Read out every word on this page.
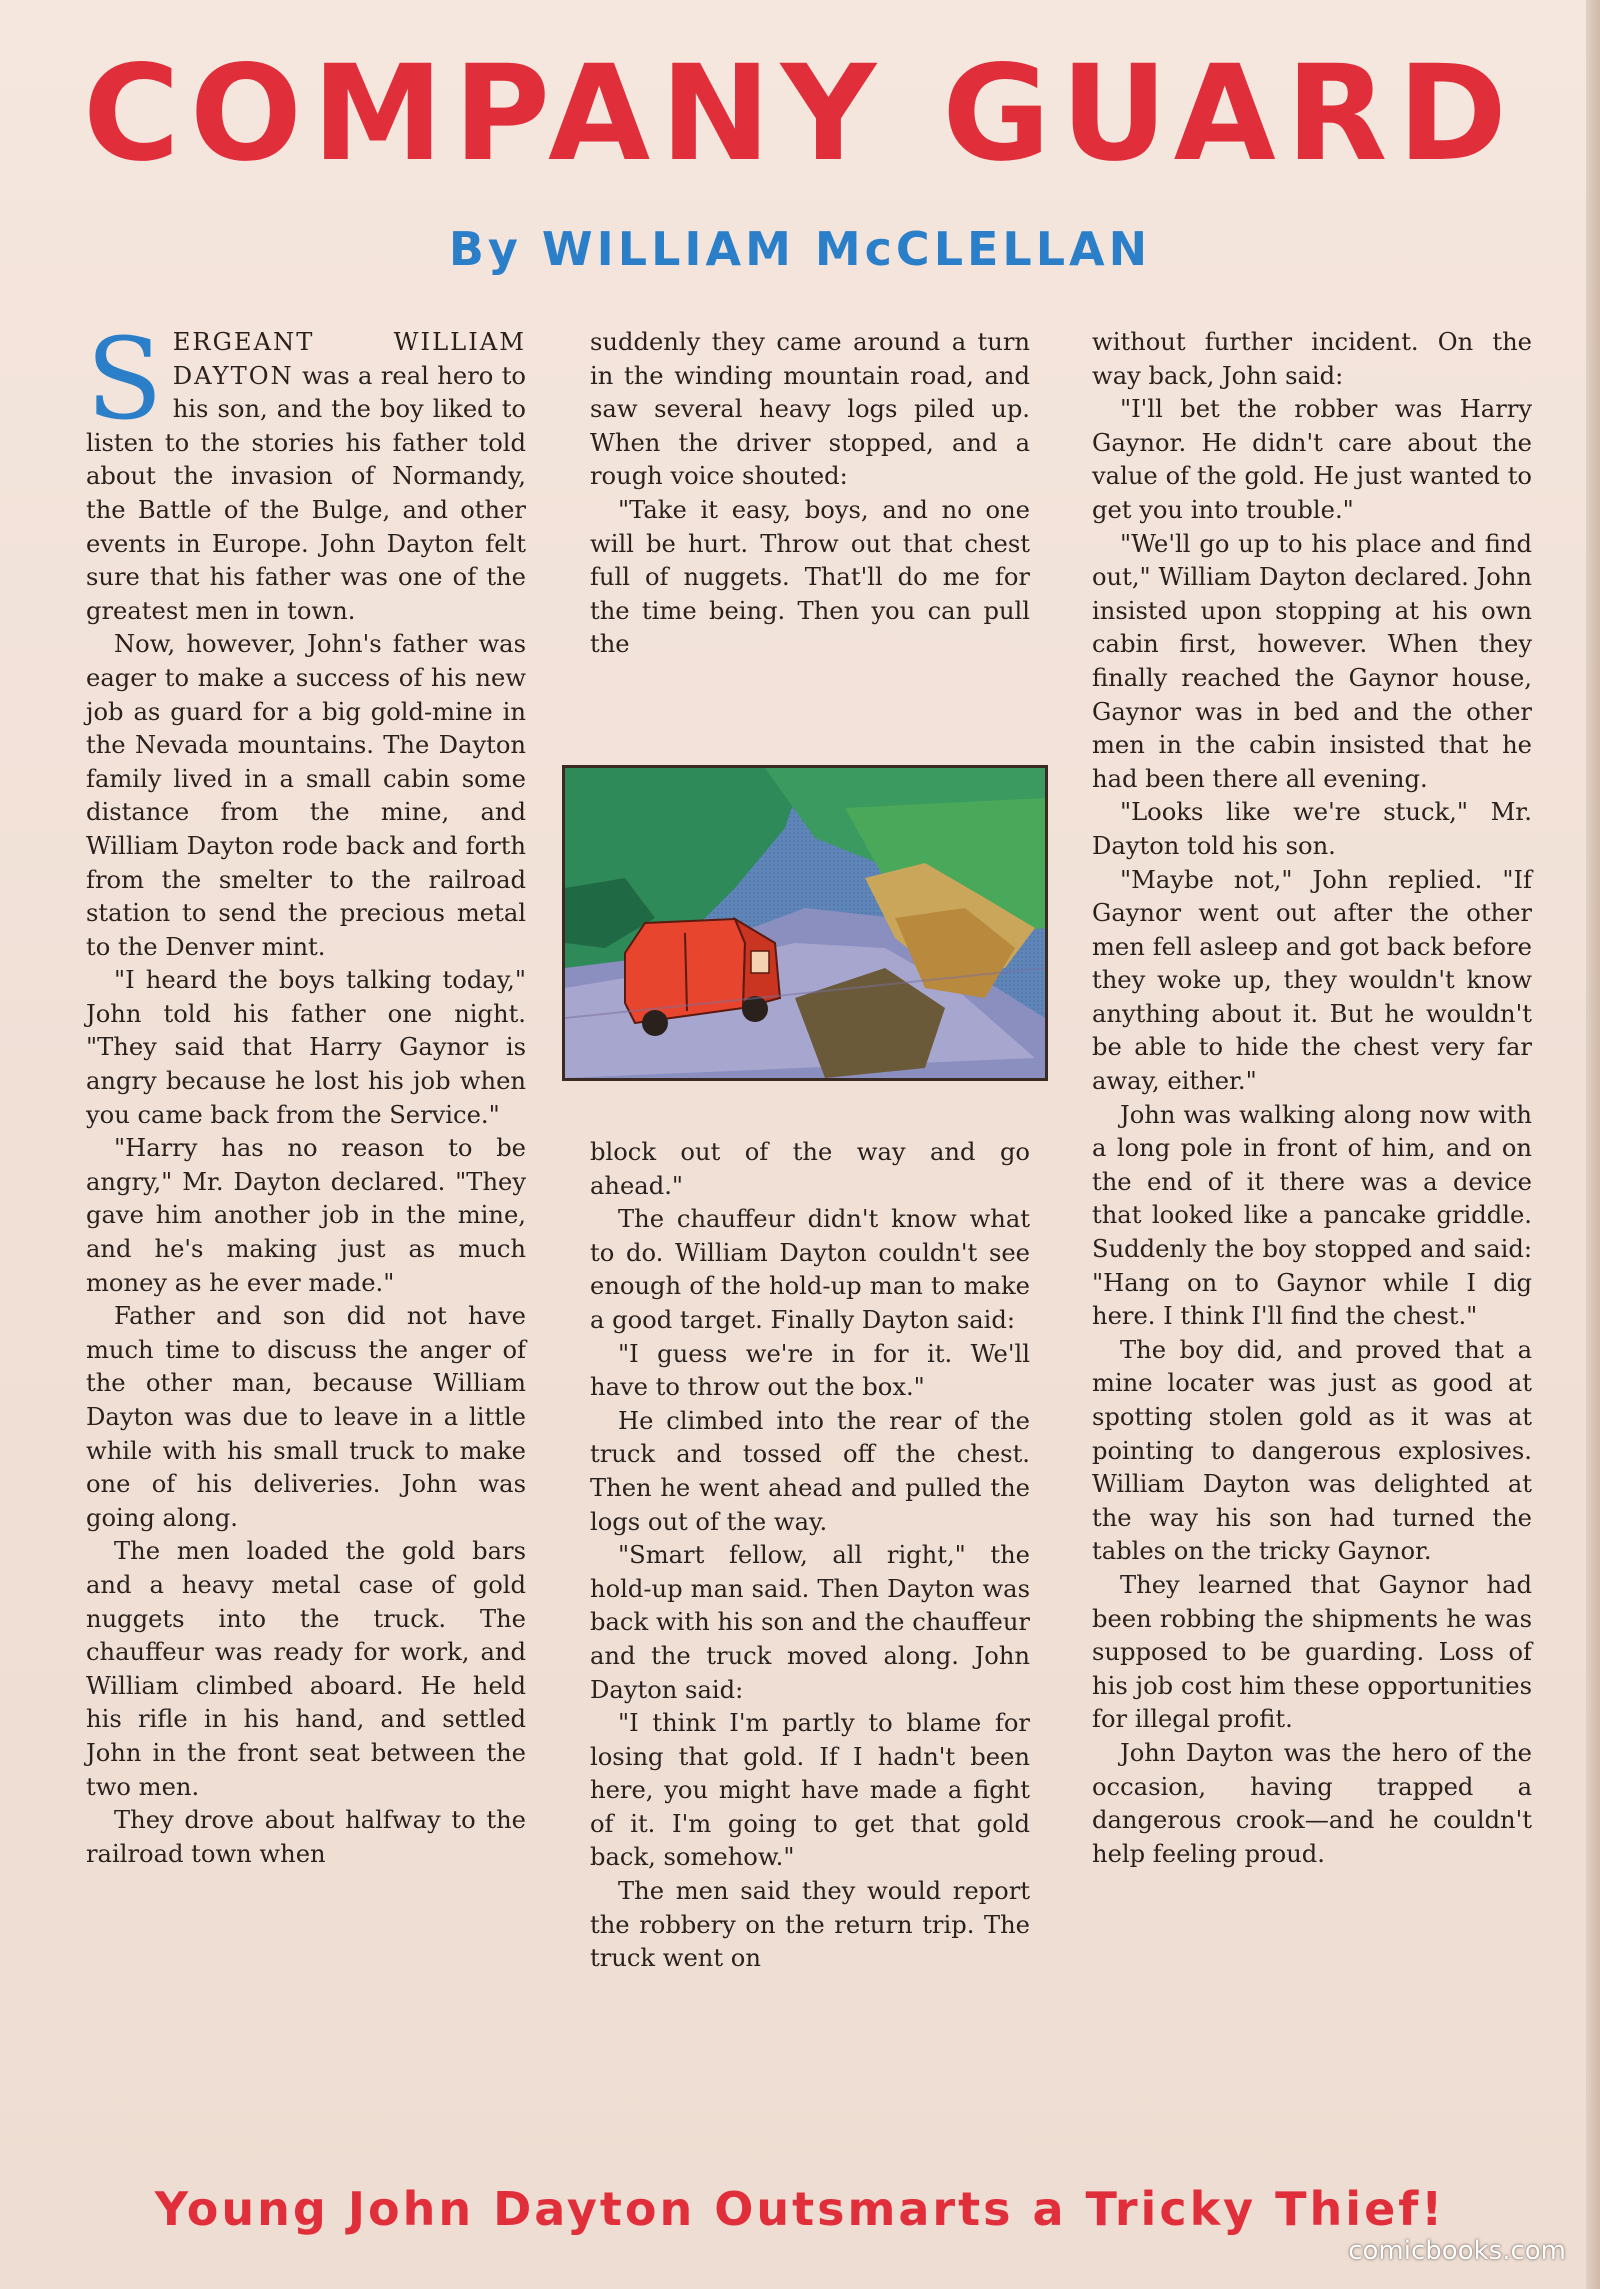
COMPANY GUARD
By WILLIAM McCLELLAN

SERGEANT WILLIAM DAYTON was a real hero to his son, and the boy liked to listen to the stories his father told about the invasion of Normandy, the Battle of the Bulge, and other events in Europe. John Dayton felt sure that his father was one of the greatest men in town.

Now, however, John's father was eager to make a success of his new job as guard for a big gold-mine in the Nevada mountains. The Dayton family lived in a small cabin some distance from the mine, and William Dayton rode back and forth from the smelter to the railroad station to send the precious metal to the Denver mint.

"I heard the boys talking today," John told his father one night. "They said that Harry Gaynor is angry because he lost his job when you came back from the Service."

"Harry has no reason to be angry," Mr. Dayton declared. "They gave him another job in the mine, and he's making just as much money as he ever made."

Father and son did not have much time to discuss the anger of the other man, because William Dayton was due to leave in a little while with his small truck to make one of his deliveries. John was going along.

The men loaded the gold bars and a heavy metal case of gold nuggets into the truck. The chauffeur was ready for work, and William climbed aboard. He held his rifle in his hand, and settled John in the front seat between the two men.

They drove about halfway to the railroad town when

suddenly they came around a turn in the winding mountain road, and saw several heavy logs piled up. When the driver stopped, and a rough voice shouted:

"Take it easy, boys, and no one will be hurt. Throw out that chest full of nuggets. That'll do me for the time being. Then you can pull the

block out of the way and go ahead."

The chauffeur didn't know what to do. William Dayton couldn't see enough of the hold-up man to make a good target. Finally Dayton said:

"I guess we're in for it. We'll have to throw out the box."

He climbed into the rear of the truck and tossed off the chest. Then he went ahead and pulled the logs out of the way.

"Smart fellow, all right," the hold-up man said. Then Dayton was back with his son and the chauffeur and the truck moved along. John Dayton said:

"I think I'm partly to blame for losing that gold. If I hadn't been here, you might have made a fight of it. I'm going to get that gold back, somehow."

The men said they would report the robbery on the return trip. The truck went on

without further incident. On the way back, John said:

"I'll bet the robber was Harry Gaynor. He didn't care about the value of the gold. He just wanted to get you into trouble."

"We'll go up to his place and find out," William Dayton declared. John insisted upon stopping at his own cabin first, however. When they finally reached the Gaynor house, Gaynor was in bed and the other men in the cabin insisted that he had been there all evening.

"Looks like we're stuck," Mr. Dayton told his son.

"Maybe not," John replied. "If Gaynor went out after the other men fell asleep and got back before they woke up, they wouldn't know anything about it. But he wouldn't be able to hide the chest very far away, either."

John was walking along now with a long pole in front of him, and on the end of it there was a device that looked like a pancake griddle. Suddenly the boy stopped and said: "Hang on to Gaynor while I dig here. I think I'll find the chest."

The boy did, and proved that a mine locater was just as good at spotting stolen gold as it was at pointing to dangerous explosives. William Dayton was delighted at the way his son had turned the tables on the tricky Gaynor.

They learned that Gaynor had been robbing the shipments he was supposed to be guarding. Loss of his job cost him these opportunities for illegal profit.

John Dayton was the hero of the occasion, having trapped a dangerous crook—and he couldn't help feeling proud.

Young John Dayton Outsmarts a Tricky Thief!
comicbooks.com
